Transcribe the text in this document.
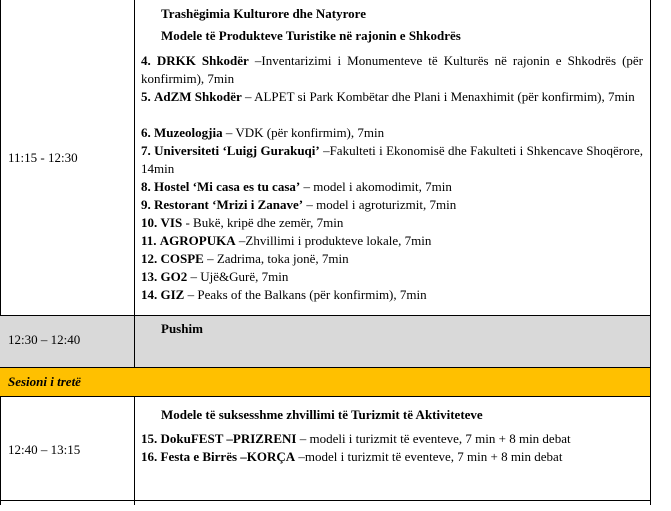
Trashëgimia Kulturore dhe Natyrore
Modele të Produkteve Turistike në rajonin e Shkodrës
4. DRKK Shkodër –Inventarizimi i Monumenteve të Kulturës në rajonin e Shkodrës (për konfirmim), 7min
5. AdZM Shkodër – ALPET si Park Kombëtar dhe Plani i Menaxhimit (për konfirmim), 7min
6. Muzeologjia – VDK (për konfirmim), 7min
7. Universiteti ‘Luigj Gurakuqi’ –Fakulteti i Ekonomisë dhe Fakulteti i Shkencave Shoqërore, 14min
8. Hostel ‘Mi casa es tu casa’ – model i akomodimit, 7min
9. Restorant ‘Mrizi i Zanave’ – model i agroturizmit, 7min
10. VIS - Bukë, kripë dhe zemër, 7min
11. AGROPUKA –Zhvillimi i produkteve lokale, 7min
12. COSPE – Zadrima, toka jonë, 7min
13. GO2 – Ujë&Gurë, 7min
14. GIZ – Peaks of the Balkans (për konfirmim), 7min
11:15 - 12:30
Pushim
12:30 – 12:40
Sesioni i tretë
Modele të suksesshme zhvillimi të Turizmit të Aktiviteteve
15. DokuFEST –PRIZRENI – modeli i turizmit të eventeve, 7 min + 8 min debat
16. Festa e Birrës –KORÇA –model i turizmit të eventeve, 7 min + 8 min debat
12:40 – 13:15
